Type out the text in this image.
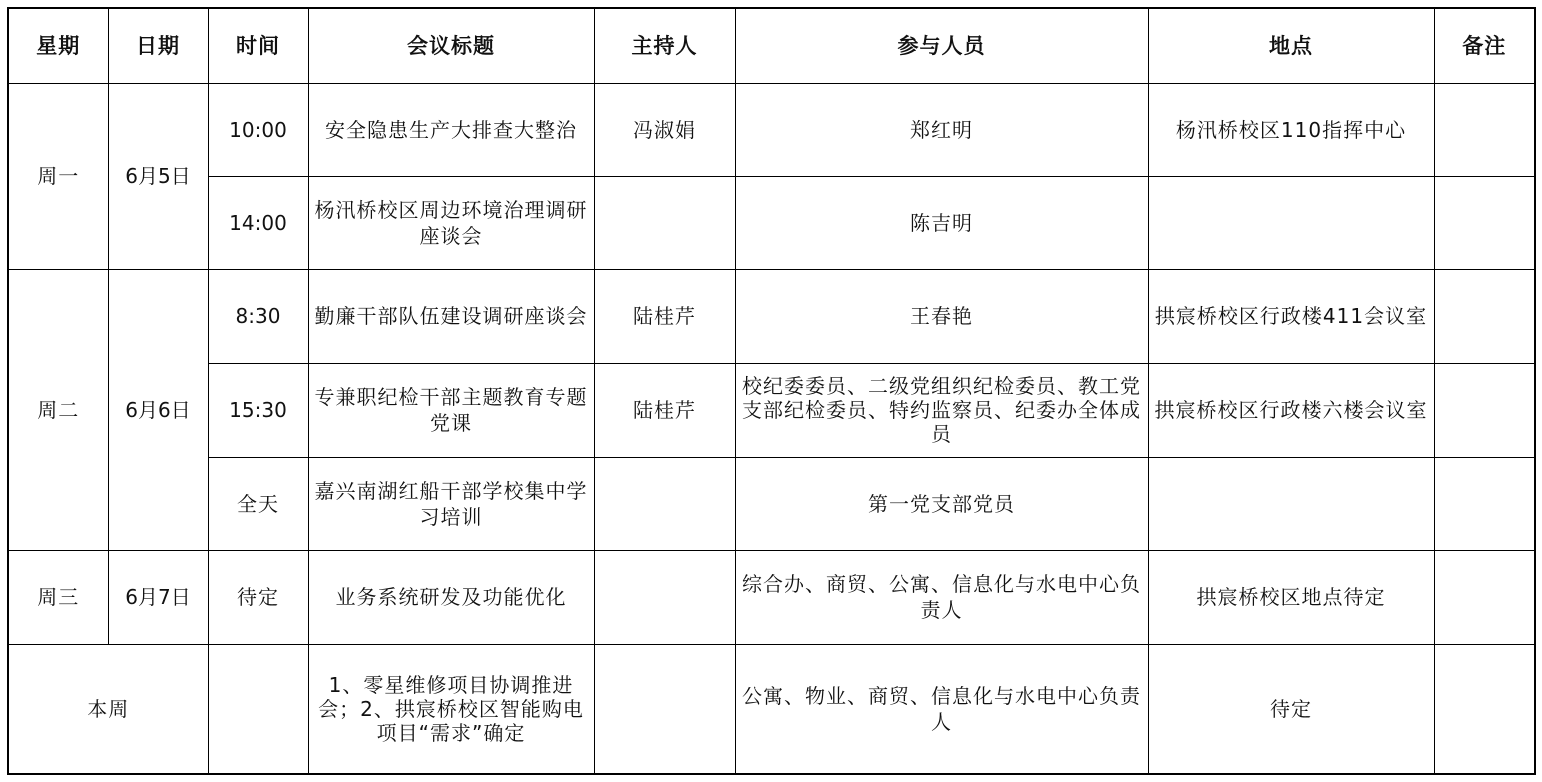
星期	日期	时间	会议标题	主持人	参与人员	地点	备注
周一	6月5日	10:00	安全隐患生产大排查大整治	冯淑娟	郑红明	杨汛桥校区110指挥中心	
		14:00	杨汛桥校区周边环境治理调研座谈会		陈吉明		
周二	6月6日	8:30	勤廉干部队伍建设调研座谈会	陆桂芹	王春艳	拱宸桥校区行政楼411会议室	
		15:30	专兼职纪检干部主题教育专题党课	陆桂芹	校纪委委员、二级党组织纪检委员、教工党支部纪检委员、特约监察员、纪委办全体成员	拱宸桥校区行政楼六楼会议室	
		全天	嘉兴南湖红船干部学校集中学习培训		第一党支部党员		
周三	6月7日	待定	业务系统研发及功能优化		综合办、商贸、公寓、信息化与水电中心负责人	拱宸桥校区地点待定	
本周			1、零星维修项目协调推进会；2、拱宸桥校区智能购电项目“需求”确定		公寓、物业、商贸、信息化与水电中心负责人	待定	
